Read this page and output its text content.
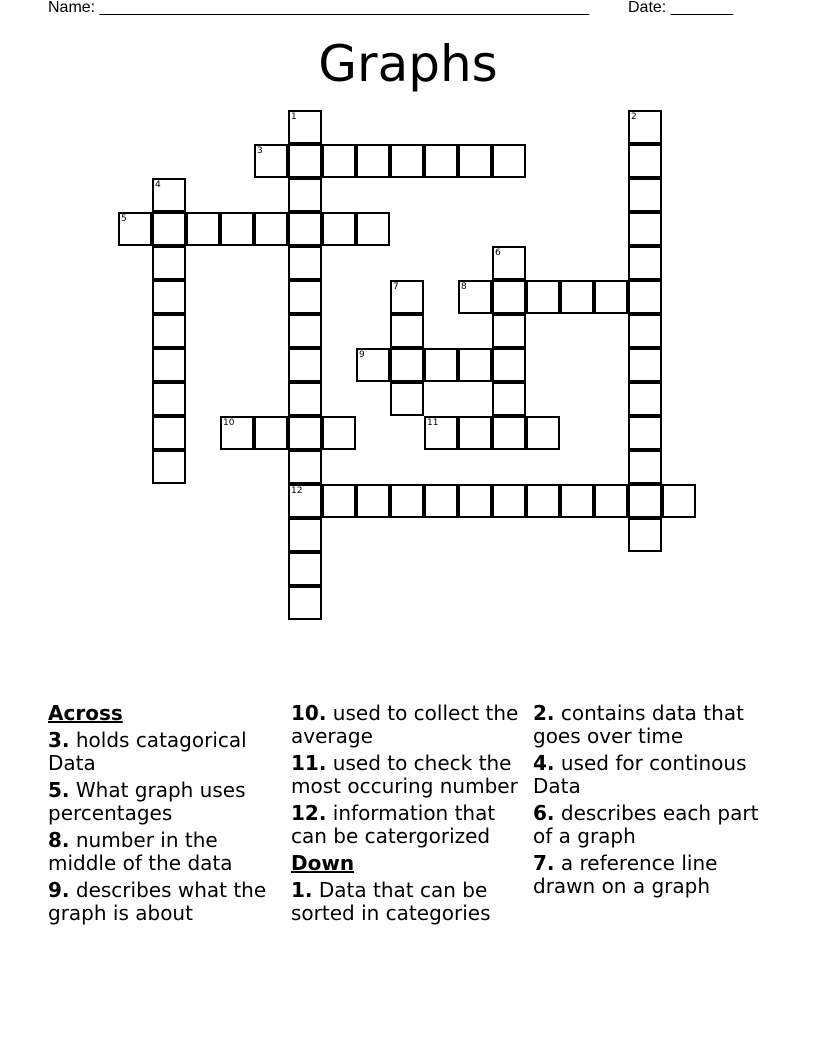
Name: _______________________________________________________ Date: _______
Graphs
1
12
2
3
4
5
6
7	8
9
10	11
Across
3. holds catagorical Data
5. What graph uses percentages
8. number in the middle of the data
9. describes what the graph is about
10. used to collect the average
11. used to check the most occuring number
12. information that can be catergorized
Down
1. Data that can be sorted in categories
2. contains data that goes over time
4. used for continous Data
6. describes each part of a graph
7. a reference line drawn on a graph
